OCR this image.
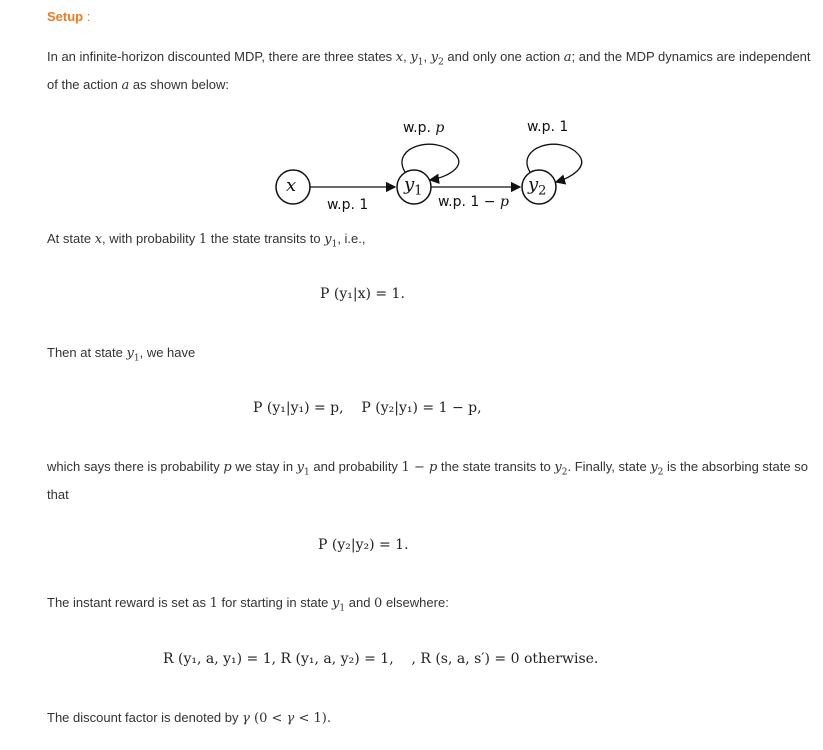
Setup :
In an infinite-horizon discounted MDP, there are three states x, $y_1$, $y_2$ and only one action a; and the MDP dynamics are independent of the action a as shown below:
x	$y_1$	$y_2$
w.p. p	w.p. 1
w.p. 1	w.p. 1 − p
At state x, with probability 1 the state transits to $y_1$, i.e.,
P (y₁|x) = 1.
Then at state $y_1$, we have
P (y₁|y₁) = p,    P (y₂|y₁) = 1 − p,
which says there is probability p we stay in $y_1$ and probability 1 − p the state transits to $y_2$. Finally, state $y_2$ is the absorbing state so that
P (y₂|y₂) = 1.
The instant reward is set as 1 for starting in state $y_1$ and 0 elsewhere:
R (y₁, a, y₁) = 1, R (y₁, a, y₂) = 1,    , R (s, a, s′) = 0 otherwise.
The discount factor is denoted by γ (0 < γ < 1).
